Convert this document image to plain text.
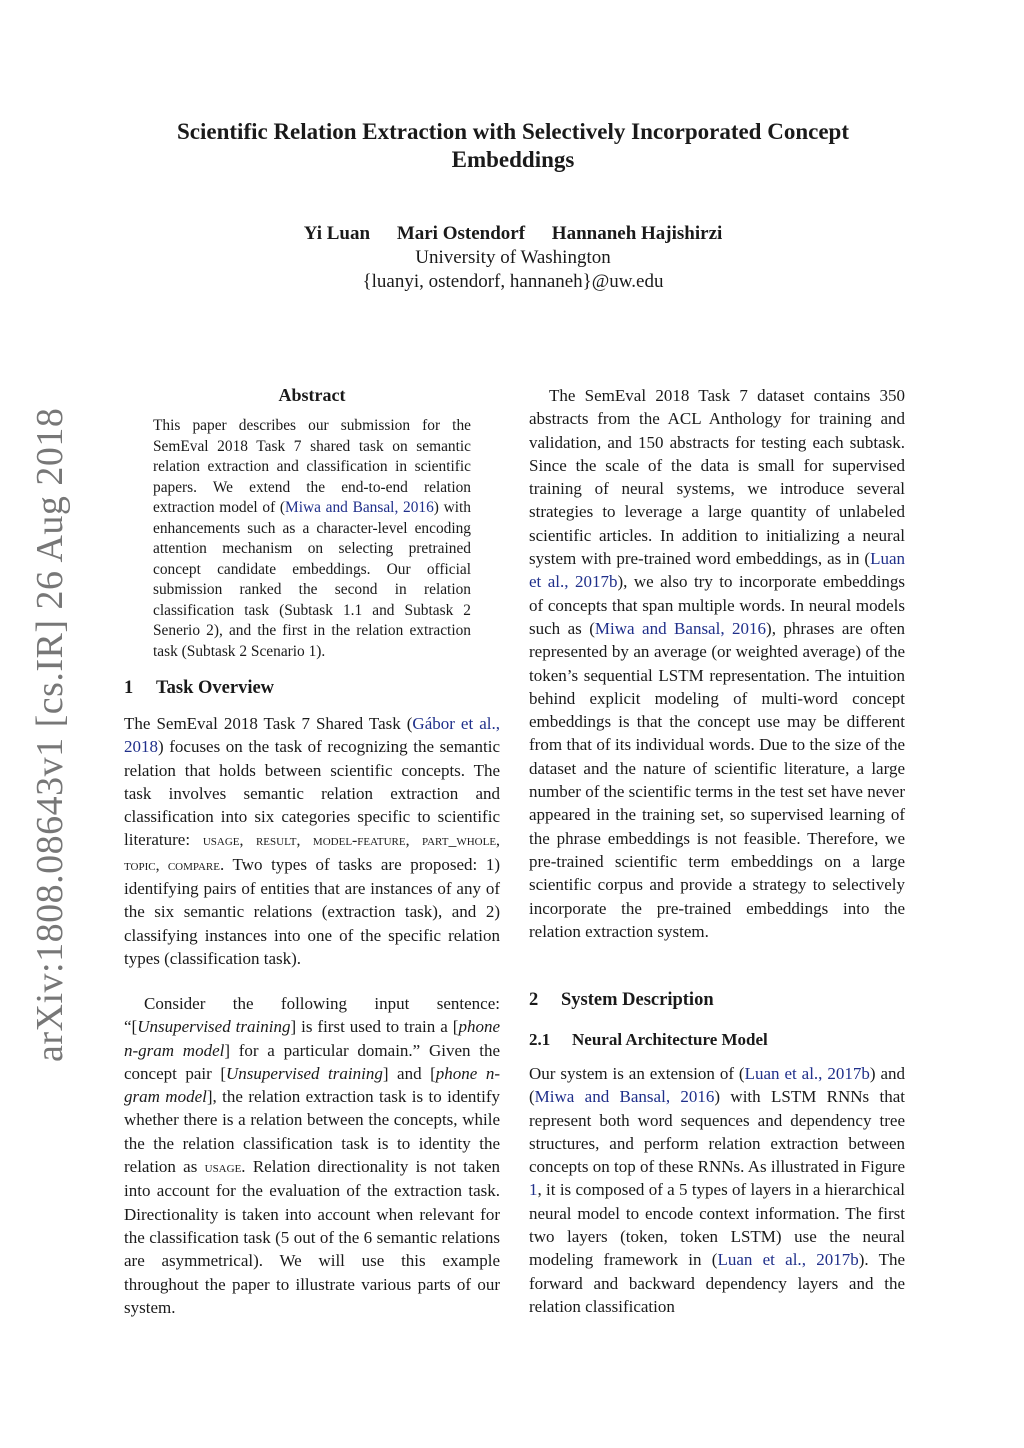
arXiv:1808.08643v1 [cs.IR] 26 Aug 2018
Scientific Relation Extraction with Selectively Incorporated Concept Embeddings
Yi Luan Mari Ostendorf Hannaneh Hajishirzi
University of Washington
{luanyi, ostendorf, hannaneh}@uw.edu
Abstract
This paper describes our submission for the SemEval 2018 Task 7 shared task on semantic relation extraction and classification in scientific papers. We extend the end-to-end relation extraction model of (Miwa and Bansal, 2016) with enhancements such as a character-level encoding attention mechanism on selecting pretrained concept candidate embeddings. Our official submission ranked the second in relation classification task (Subtask 1.1 and Subtask 2 Senerio 2), and the first in the relation extraction task (Subtask 2 Scenario 1).
1 Task Overview
The SemEval 2018 Task 7 Shared Task (Gábor et al., 2018) focuses on the task of recognizing the semantic relation that holds between scientific concepts. The task involves semantic relation extraction and classification into six categories specific to scientific literature: usage, result, model-feature, part_whole, topic, compare. Two types of tasks are proposed: 1) identifying pairs of entities that are instances of any of the six semantic relations (extraction task), and 2) classifying instances into one of the specific relation types (classification task).
Consider the following input sentence: “[Unsupervised training] is first used to train a [phone n-gram model] for a particular domain.” Given the concept pair [Unsupervised training] and [phone n-gram model], the relation extraction task is to identify whether there is a relation between the concepts, while the the relation classification task is to identity the relation as usage. Relation directionality is not taken into account for the evaluation of the extraction task. Directionality is taken into account when relevant for the classification task (5 out of the 6 semantic relations are asymmetrical). We will use this example throughout the paper to illustrate various parts of our system.
The SemEval 2018 Task 7 dataset contains 350 abstracts from the ACL Anthology for training and validation, and 150 abstracts for testing each subtask. Since the scale of the data is small for supervised training of neural systems, we introduce several strategies to leverage a large quantity of unlabeled scientific articles. In addition to initializing a neural system with pre-trained word embeddings, as in (Luan et al., 2017b), we also try to incorporate embeddings of concepts that span multiple words. In neural models such as (Miwa and Bansal, 2016), phrases are often represented by an average (or weighted average) of the token’s sequential LSTM representation. The intuition behind explicit modeling of multi-word concept embeddings is that the concept use may be different from that of its individual words. Due to the size of the dataset and the nature of scientific literature, a large number of the scientific terms in the test set have never appeared in the training set, so supervised learning of the phrase embeddings is not feasible. Therefore, we pre-trained scientific term embeddings on a large scientific corpus and provide a strategy to selectively incorporate the pre-trained embeddings into the relation extraction system.
2 System Description
2.1 Neural Architecture Model
Our system is an extension of (Luan et al., 2017b) and (Miwa and Bansal, 2016) with LSTM RNNs that represent both word sequences and dependency tree structures, and perform relation extraction between concepts on top of these RNNs. As illustrated in Figure 1, it is composed of a 5 types of layers in a hierarchical neural model to encode context information. The first two layers (token, token LSTM) use the neural modeling framework in (Luan et al., 2017b). The forward and backward dependency layers and the relation classification
